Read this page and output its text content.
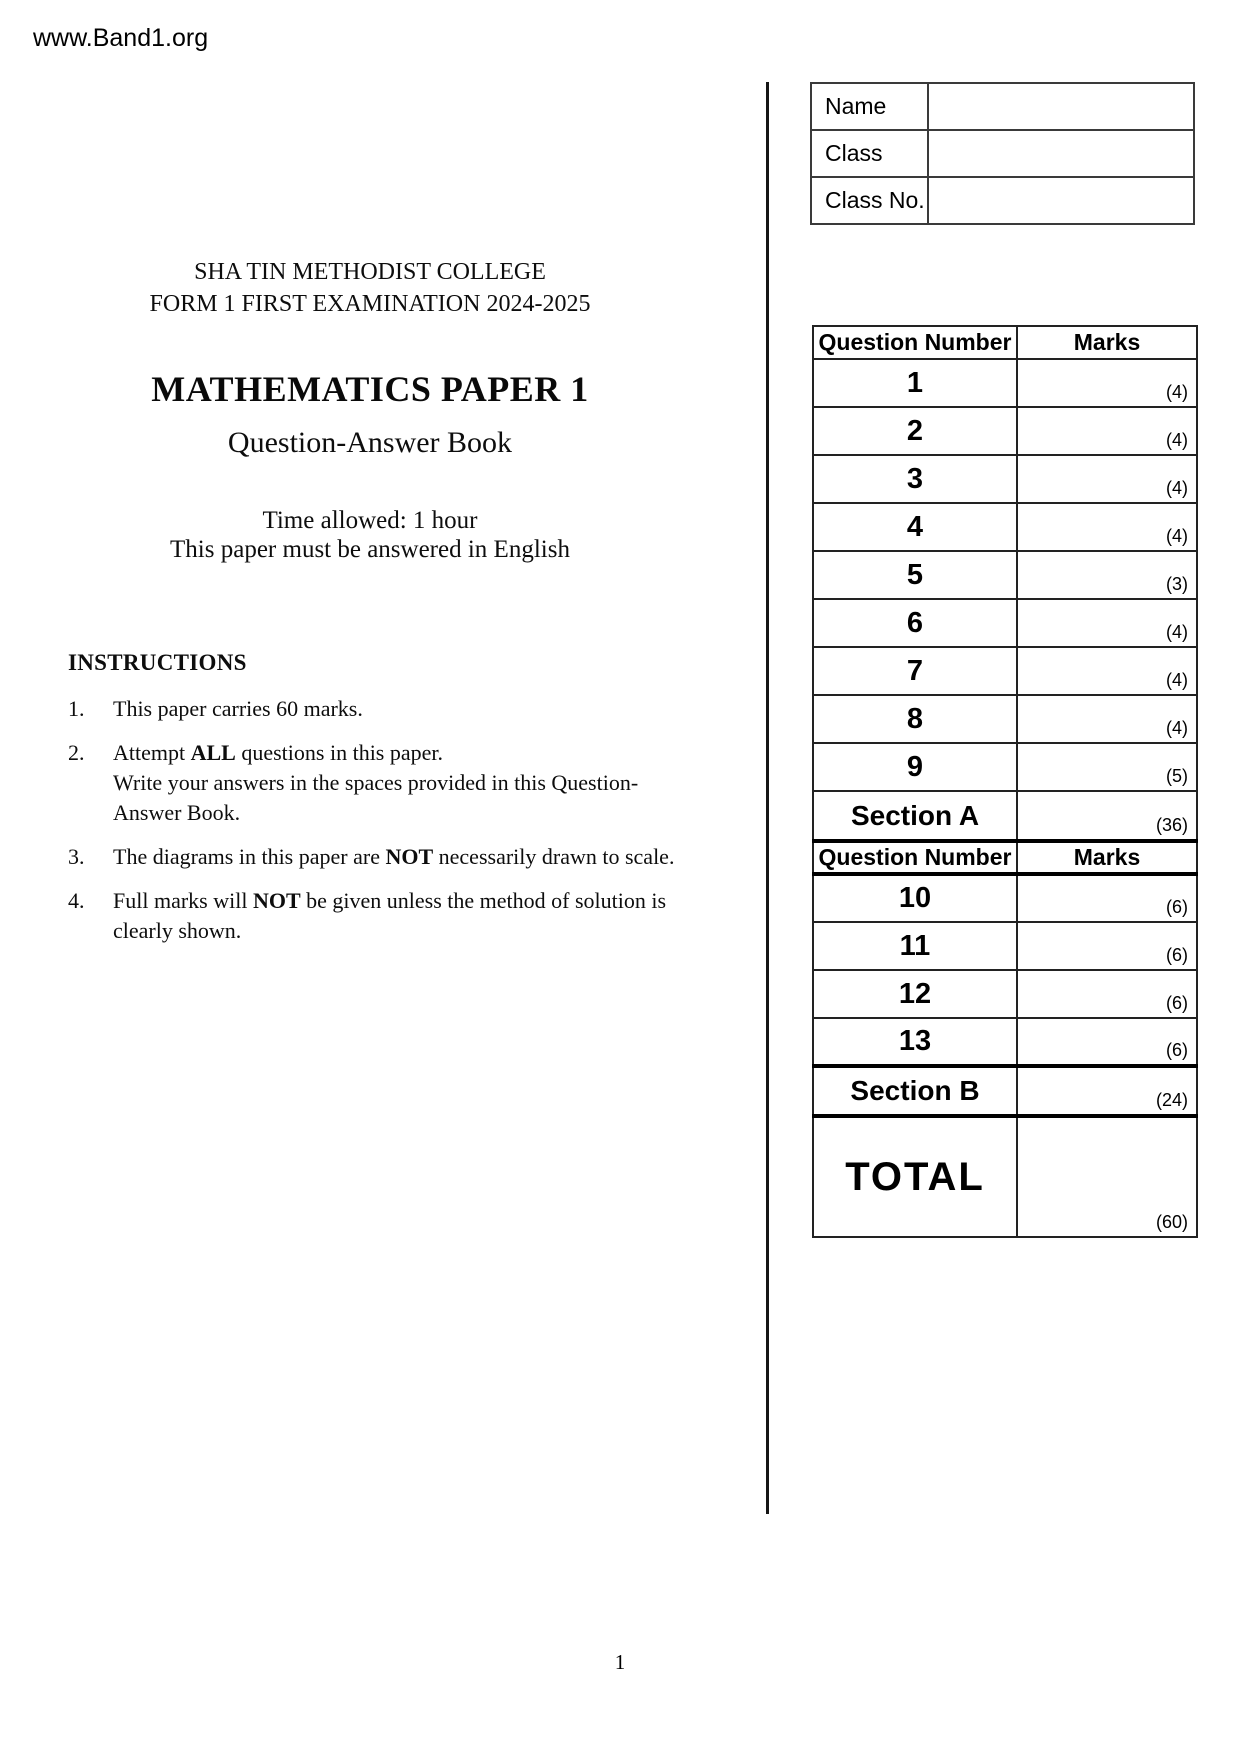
www.Band1.org
Name	
Class	
Class No.	
SHA TIN METHODIST COLLEGE
FORM 1 FIRST EXAMINATION 2024-2025
MATHEMATICS PAPER 1
Question-Answer Book
Time allowed: 1 hour
This paper must be answered in English
INSTRUCTIONS
1.	This paper carries 60 marks.
2.	Attempt ALL questions in this paper.
Write your answers in the spaces provided in this Question-
Answer Book.
3.	The diagrams in this paper are NOT necessarily drawn to scale.
4.	Full marks will NOT be given unless the method of solution is
clearly shown.
Question Number	Marks
1	(4)

2	(4)

3	(4)

4	(4)

5	(3)

6	(4)

7	(4)

8	(4)

9	(5)

Section A	(36)

Question Number	Marks
10	(6)

11	(6)

12	(6)

13	(6)

Section B	(24)

TOTAL	(60)
1
